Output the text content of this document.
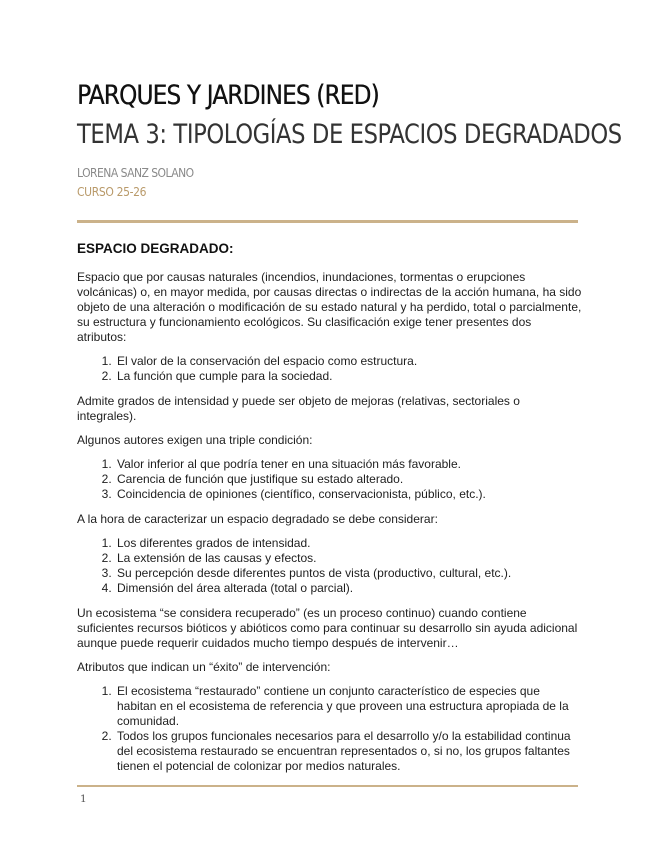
PARQUES Y JARDINES (RED)
TEMA 3: TIPOLOGÍAS DE ESPACIOS DEGRADADOS
LORENA SANZ SOLANO
CURSO 25-26
ESPACIO DEGRADADO:

Espacio que por causas naturales (incendios, inundaciones, tormentas o erupciones volcánicas) o, en mayor medida, por causas directas o indirectas de la acción humana, ha sido objeto de una alteración o modificación de su estado natural y ha perdido, total o parcialmente, su estructura y funcionamiento ecológicos. Su clasificación exige tener presentes dos atributos:

1. El valor de la conservación del espacio como estructura.
2. La función que cumple para la sociedad.

Admite grados de intensidad y puede ser objeto de mejoras (relativas, sectoriales o integrales).

Algunos autores exigen una triple condición:

1. Valor inferior al que podría tener en una situación más favorable.
2. Carencia de función que justifique su estado alterado.
3. Coincidencia de opiniones (científico, conservacionista, público, etc.).

A la hora de caracterizar un espacio degradado se debe considerar:

1. Los diferentes grados de intensidad.
2. La extensión de las causas y efectos.
3. Su percepción desde diferentes puntos de vista (productivo, cultural, etc.).
4. Dimensión del área alterada (total o parcial).

Un ecosistema “se considera recuperado” (es un proceso continuo) cuando contiene suficientes recursos bióticos y abióticos como para continuar su desarrollo sin ayuda adicional aunque puede requerir cuidados mucho tiempo después de intervenir…

Atributos que indican un “éxito” de intervención:

1. El ecosistema “restaurado” contiene un conjunto característico de especies que habitan en el ecosistema de referencia y que proveen una estructura apropiada de la comunidad.
2. Todos los grupos funcionales necesarios para el desarrollo y/o la estabilidad continua del ecosistema restaurado se encuentran representados o, si no, los grupos faltantes tienen el potencial de colonizar por medios naturales.
1
